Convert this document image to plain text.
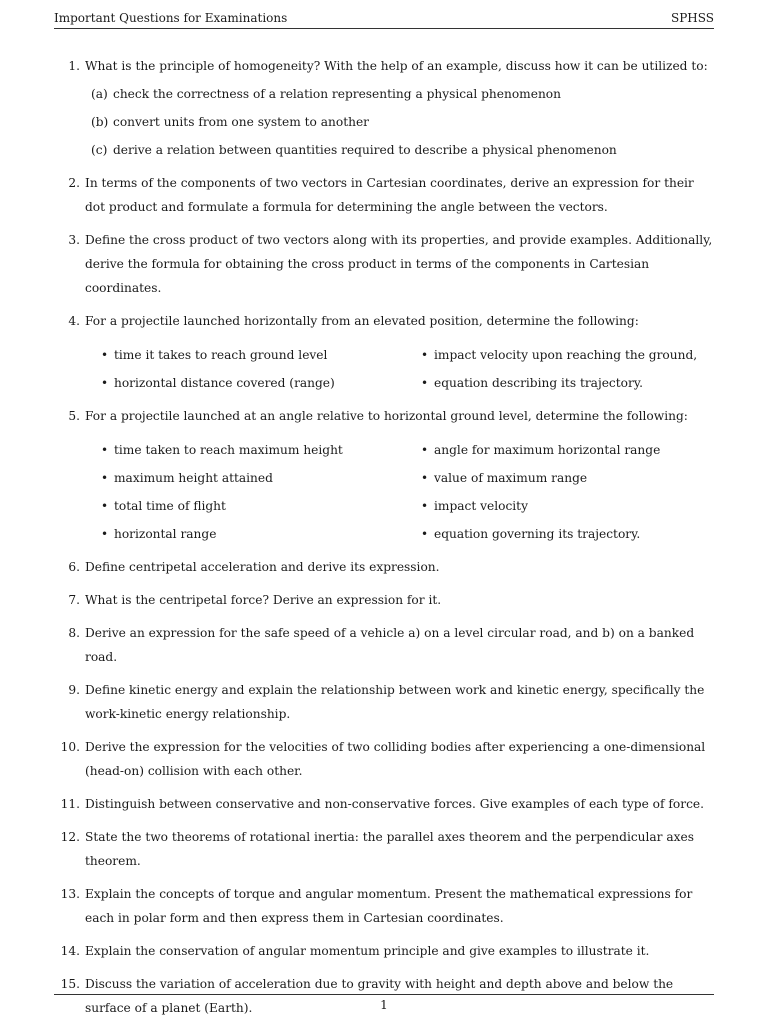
Important Questions for Examinations	SPHSS
1. What is the principle of homogeneity? With the help of an example, discuss how it can be utilized to:
(a) check the correctness of a relation representing a physical phenomenon
(b) convert units from one system to another
(c) derive a relation between quantities required to describe a physical phenomenon
2. In terms of the components of two vectors in Cartesian coordinates, derive an expression for their dot product and formulate a formula for determining the angle between the vectors.
3. Define the cross product of two vectors along with its properties, and provide examples. Additionally, derive the formula for obtaining the cross product in terms of the components in Cartesian coordinates.
4. For a projectile launched horizontally from an elevated position, determine the following:
• time it takes to reach ground level	• impact velocity upon reaching the ground,
• horizontal distance covered (range)	• equation describing its trajectory.
5. For a projectile launched at an angle relative to horizontal ground level, determine the following:
• time taken to reach maximum height	• angle for maximum horizontal range
• maximum height attained	• value of maximum range
• total time of flight	• impact velocity
• horizontal range	• equation governing its trajectory.
6. Define centripetal acceleration and derive its expression.
7. What is the centripetal force? Derive an expression for it.
8. Derive an expression for the safe speed of a vehicle a) on a level circular road, and b) on a banked road.
9. Define kinetic energy and explain the relationship between work and kinetic energy, specifically the work-kinetic energy relationship.
10. Derive the expression for the velocities of two colliding bodies after experiencing a one-dimensional (head-on) collision with each other.
11. Distinguish between conservative and non-conservative forces. Give examples of each type of force.
12. State the two theorems of rotational inertia: the parallel axes theorem and the perpendicular axes theorem.
13. Explain the concepts of torque and angular momentum. Present the mathematical expressions for each in polar form and then express them in Cartesian coordinates.
14. Explain the conservation of angular momentum principle and give examples to illustrate it.
15. Discuss the variation of acceleration due to gravity with height and depth above and below the surface of a planet (Earth).	1
